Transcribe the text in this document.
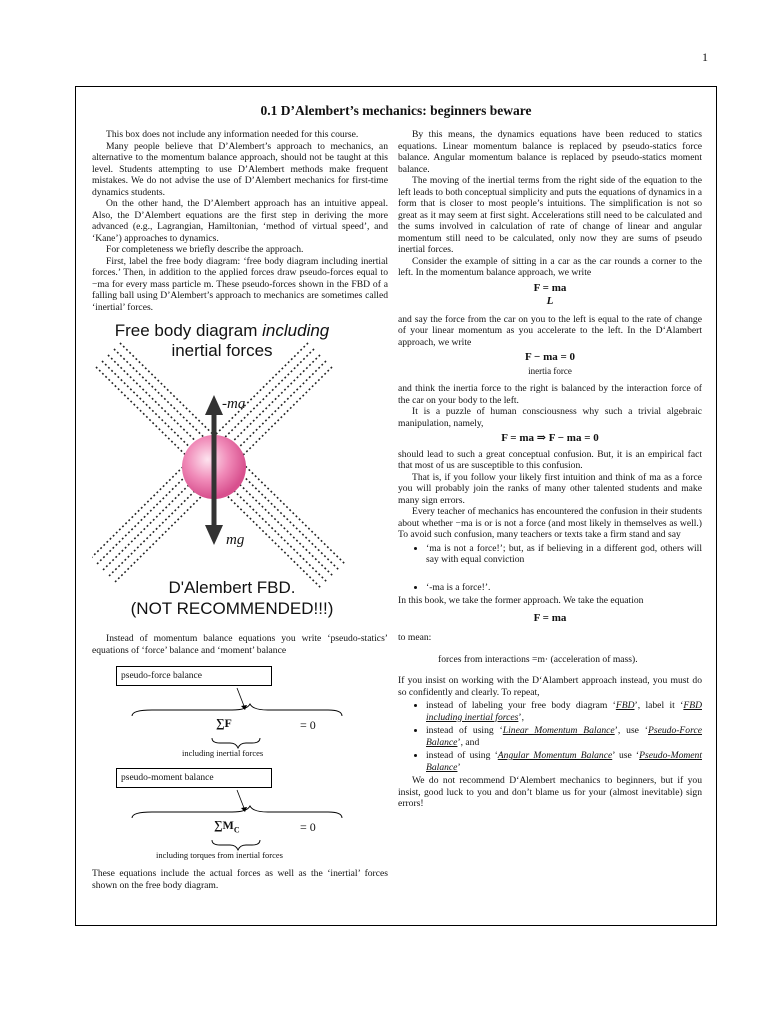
1
0.1 D’Alembert’s mechanics: beginners beware

This box does not include any information needed for this course.

Many people believe that D’Alembert’s approach to mechanics, an alternative to the momentum balance approach, should not be taught at this level. Students attempting to use D’Alembert methods make frequent mistakes. We do not advise the use of D’Alembert mechanics for first-time dynamics students.

On the other hand, the D’Alembert approach has an intuitive appeal. Also, the D’Alembert equations are the first step in deriving the more advanced (e.g., Lagrangian, Hamiltonian, ‘method of virtual speed’, and ‘Kane’) approaches to dynamics.

For completeness we briefly describe the approach.

First, label the free body diagram: ‘free body diagram including inertial forces.’ Then, in addition to the applied forces draw pseudo-forces equal to −ma for every mass particle m. These pseudo-forces shown in the FBD of a falling ball using D’Alembert’s approach to mechanics are sometimes called ‘inertial’ forces.

Free body diagram including
inertial forces
-ma
mg
D'Alembert FBD.
(NOT RECOMMENDED!!!)

Instead of momentum balance equations you write ‘pseudo-statics’ equations of ‘force’ balance and ‘moment’ balance

pseudo-force balance
∑F	= 0
including inertial forces
pseudo-moment balance
$\sum M_C$	= 0
including torques from inertial forces

These equations include the actual forces as well as the ‘inertial’ forces shown on the free body diagram.

By this means, the dynamics equations have been reduced to statics equations. Linear momentum balance is replaced by pseudo-statics force balance. Angular momentum balance is replaced by pseudo-statics moment balance.

The moving of the inertial terms from the right side of the equation to the left leads to both conceptual simplicity and puts the equations of dynamics in a form that is closer to most people’s intuitions. The simplification is not so great as it may seem at first sight. Accelerations still need to be calculated and the sums involved in calculation of rate of change of linear and angular momentum still need to be calculated, only now they are sums of pseudo inertial forces.

Consider the example of sitting in a car as the car rounds a corner to the left. In the momentum balance approach, we write

F = ma
L

and say the force from the car on you to the left is equal to the rate of change of your linear momentum as you accelerate to the left. In the D‘Alambert approach, we write

F − ma = 0
inertia force

and think the inertia force to the right is balanced by the interaction force of the car on your body to the left.

It is a puzzle of human consciousness why such a trivial algebraic manipulation, namely,

F = ma ⇒ F − ma = 0

should lead to such a great conceptual confusion. But, it is an empirical fact that most of us are susceptible to this confusion.

That is, if you follow your likely first intuition and think of ma as a force you will probably join the ranks of many other talented students and make many sign errors.

Every teacher of mechanics has encountered the confusion in their students about whether −ma is or is not a force (and most likely in themselves as well.) To avoid such confusion, many teachers or texts take a firm stand and say

• ‘ma is not a force!’; but, as if believing in a different god, others will say with equal conviction
• ‘-ma is a force!’.

In this book, we take the former approach. We take the equation

F = ma

to mean:

forces from interactions =m· (acceleration of mass).

If you insist on working with the D‘Alambert approach instead, you must do so confidently and clearly. To repeat,

• instead of labeling your free body diagram ‘FBD’, label it ‘FBD including inertial forces’,
• instead of using ‘Linear Momentum Balance’, use ‘Pseudo-Force Balance’, and
• instead of using ‘Angular Momentum Balance’ use ‘Pseudo-Moment Balance’

We do not recommend D‘Alembert mechanics to beginners, but if you insist, good luck to you and don’t blame us for your (almost inevitable) sign errors!
